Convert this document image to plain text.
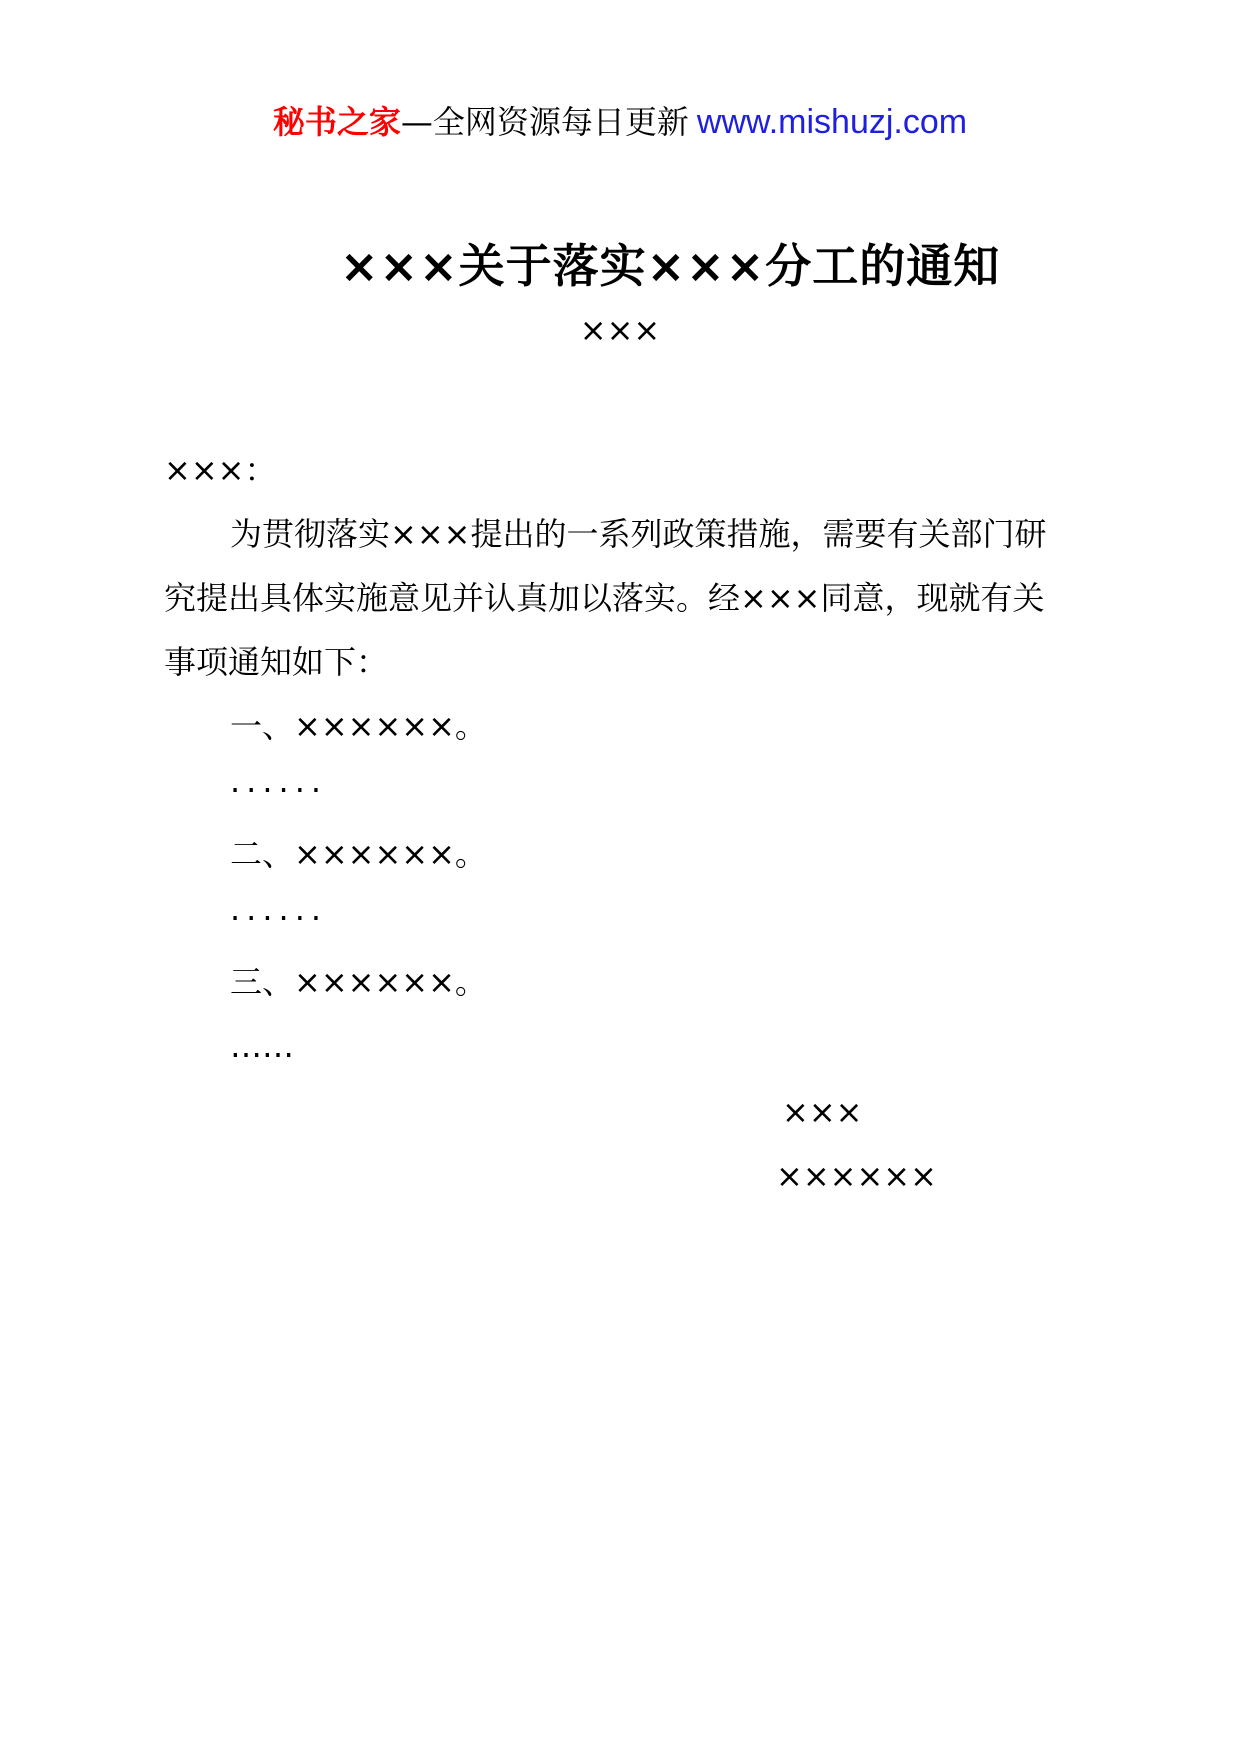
秘书之家—全网资源每日更新 www.mishuzj.com
×××关于落实×××分工的通知
×××
×××：
为贯彻落实×××提出的一系列政策措施，需要有关部门研
究提出具体实施意见并认真加以落实。经×××同意，现就有关
事项通知如下：
一、××××××。
······
二、××××××。
······
三、××××××。
……
×××
××××××
